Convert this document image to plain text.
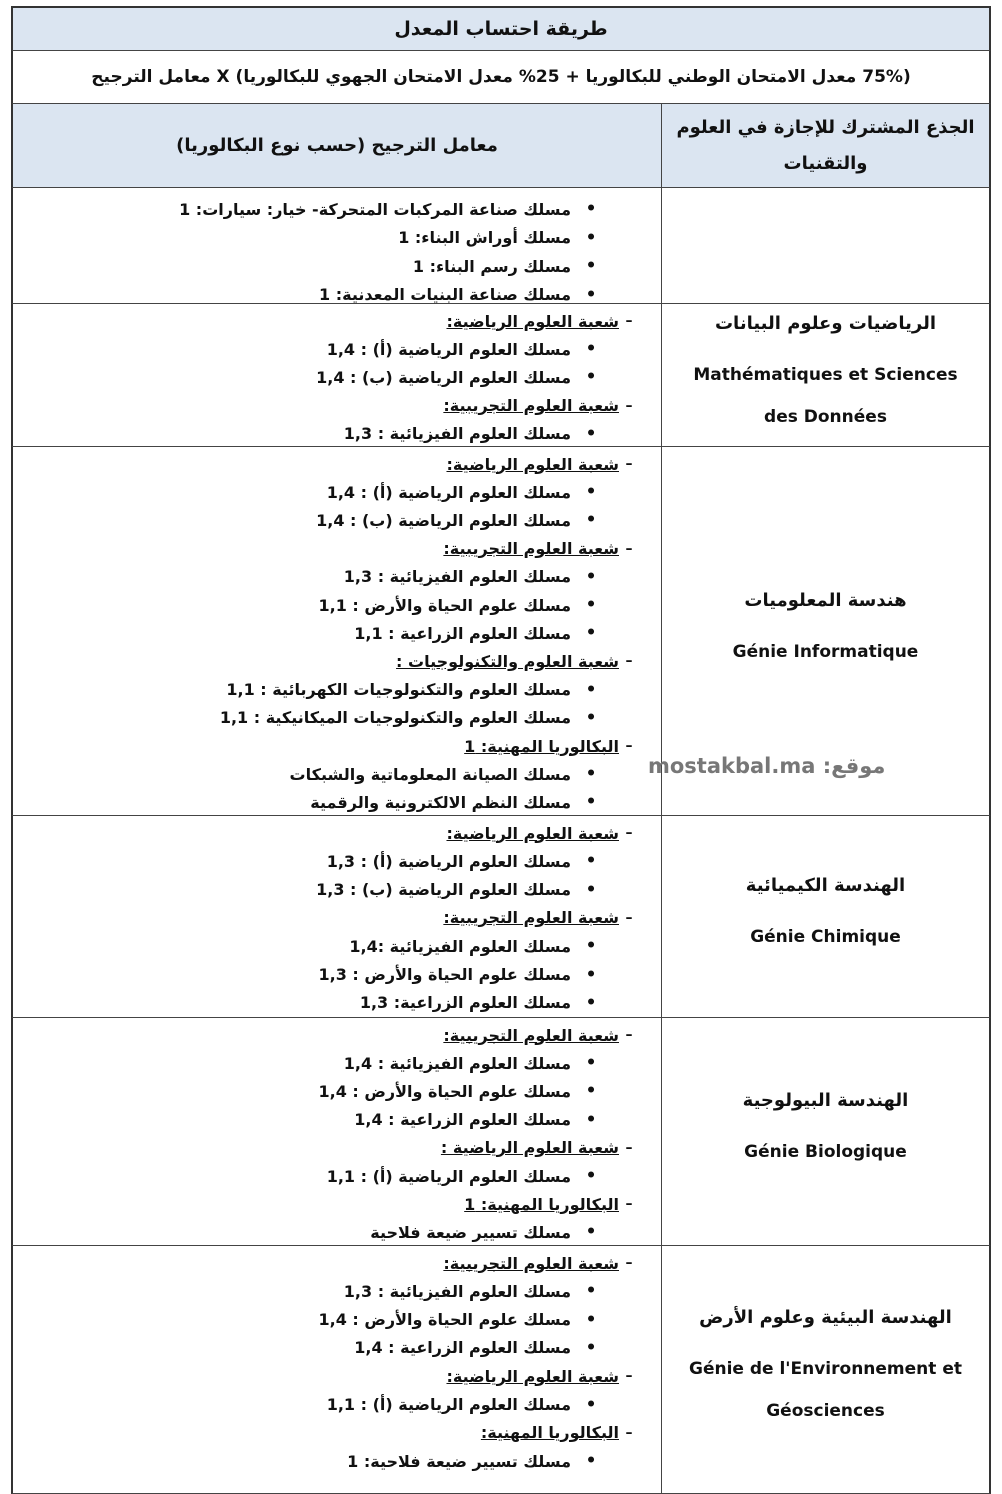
طريقة احتساب المعدل
(75% معدل الامتحان الوطني للبكالوريا + 25% معدل الامتحان الجهوي للبكالوريا) X معامل الترجيح
معامل الترجيح (حسب نوع البكالوريا)
الجذع المشترك للإجازة في العلوم والتقنيات
•
مسلك صناعة المركبات المتحركة- خيار: سيارات: 1
•
مسلك أوراش البناء: 1
•
مسلك رسم البناء: 1
•
مسلك صناعة البنيات المعدنية: 1
–
شعبة العلوم الرياضية:
•
مسلك العلوم الرياضية (أ) : 1,4
•
مسلك العلوم الرياضية (ب) : 1,4
–
شعبة العلوم التجريبية:
•
مسلك العلوم الفيزيائية : 1,3
الرياضيات وعلوم البيانات
Mathématiques et Sciences des Données
–
شعبة العلوم الرياضية:
•
مسلك العلوم الرياضية (أ) : 1,4
•
مسلك العلوم الرياضية (ب) : 1,4
–
شعبة العلوم التجريبية:
•
مسلك العلوم الفيزيائية : 1,3
•
مسلك علوم الحياة والأرض : 1,1
•
مسلك العلوم الزراعية : 1,1
–
شعبة العلوم والتكنولوجيات :
•
مسلك العلوم والتكنولوجيات الكهربائية : 1,1
•
مسلك العلوم والتكنولوجيات الميكانيكية : 1,1
–
البكالوريا المهنية: 1
•
مسلك الصيانة المعلوماتية والشبكات
•
مسلك النظم الالكترونية والرقمية
هندسة المعلوميات
Génie Informatique
–
شعبة العلوم الرياضية:
•
مسلك العلوم الرياضية (أ) : 1,3
•
مسلك العلوم الرياضية (ب) : 1,3
–
شعبة العلوم التجريبية:
•
مسلك العلوم الفيزيائية :1,4
•
مسلك علوم الحياة والأرض : 1,3
•
مسلك العلوم الزراعية: 1,3
الهندسة الكيميائية
Génie Chimique
–
شعبة العلوم التجريبية:
•
مسلك العلوم الفيزيائية : 1,4
•
مسلك علوم الحياة والأرض : 1,4
•
مسلك العلوم الزراعية : 1,4
–
شعبة العلوم الرياضية :
•
مسلك العلوم الرياضية (أ) : 1,1
–
البكالوريا المهنية: 1
•
مسلك تسيير ضيعة فلاحية
الهندسة البيولوجية
Génie Biologique
–
شعبة العلوم التجريبية:
•
مسلك العلوم الفيزيائية : 1,3
•
مسلك علوم الحياة والأرض : 1,4
•
مسلك العلوم الزراعية : 1,4
–
شعبة العلوم الرياضية:
•
مسلك العلوم الرياضية (أ) : 1,1
–
البكالوريا المهنية:
•
مسلك تسيير ضيعة فلاحية: 1
الهندسة البيئية وعلوم الأرض
Génie de l'Environnement et Géosciences
موقع: mostakbal.ma
